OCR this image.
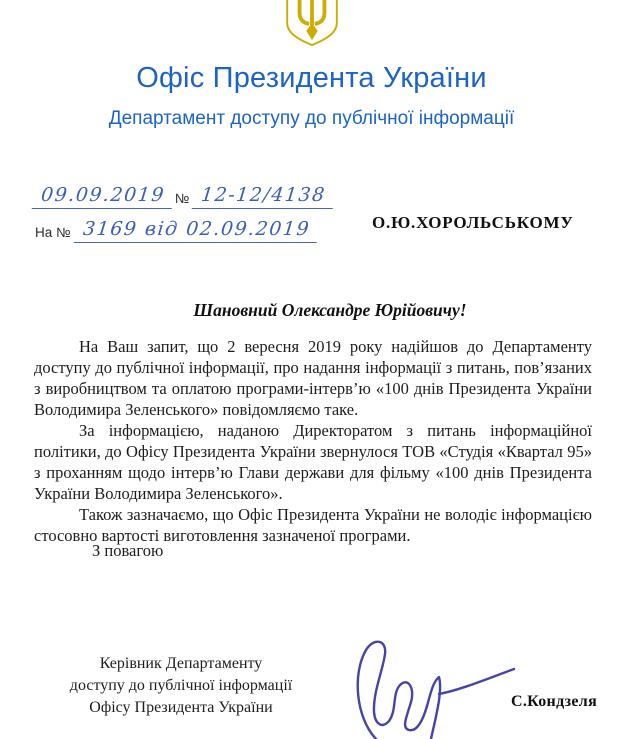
Офіс Президента України
Департамент доступу до публічної інформації
09.09.2019 № 12-12/4138
На № 3169 від 02.09.2019	О.Ю.ХОРОЛЬСЬКОМУ
Шановний Олександре Юрійовичу!

На Ваш запит, що 2 вересня 2019 року надійшов до Департаменту доступу до публічної інформації, про надання інформації з питань, пов’язаних з виробництвом та оплатою програми-інтерв’ю «100 днів Президента України Володимира Зеленського» повідомляємо таке.

За інформацією, наданою Директоратом з питань інформаційної політики, до Офісу Президента України звернулося ТОВ «Студія «Квартал 95» з проханням щодо інтерв’ю Глави держави для фільму «100 днів Президента України Володимира Зеленського».

Також зазначаємо, що Офіс Президента України не володіє інформацією стосовно вартості виготовлення зазначеної програми.

З повагою
Керівник Департаменту
доступу до публічної інформації
Офісу Президента України	С.Кондзеля
